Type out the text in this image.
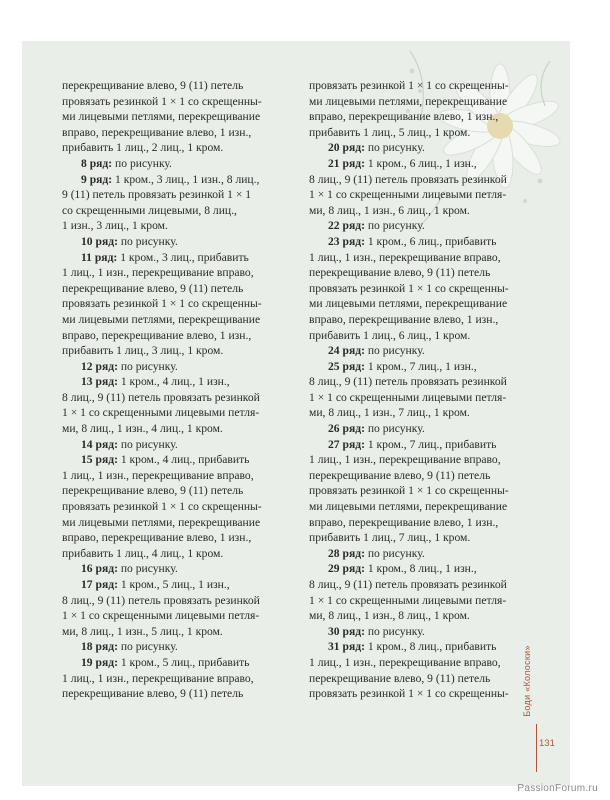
перекрещивание влево, 9 (11) петель
провязать резинкой 1 × 1 со скрещенны-
ми лицевыми петлями, перекрещивание
вправо, перекрещивание влево, 1 изн.,
прибавить 1 лиц., 2 лиц., 1 кром.
8 ряд: по рисунку.
9 ряд: 1 кром., 3 лиц., 1 изн., 8 лиц.,
9 (11) петель провязать резинкой 1 × 1
со скрещенными лицевыми, 8 лиц.,
1 изн., 3 лиц., 1 кром.
10 ряд: по рисунку.
11 ряд: 1 кром., 3 лиц., прибавить
1 лиц., 1 изн., перекрещивание вправо,
перекрещивание влево, 9 (11) петель
провязать резинкой 1 × 1 со скрещенны-
ми лицевыми петлями, перекрещивание
вправо, перекрещивание влево, 1 изн.,
прибавить 1 лиц., 3 лиц., 1 кром.
12 ряд: по рисунку.
13 ряд: 1 кром., 4 лиц., 1 изн.,
8 лиц., 9 (11) петель провязать резинкой
1 × 1 со скрещенными лицевыми петля-
ми, 8 лиц., 1 изн., 4 лиц., 1 кром.
14 ряд: по рисунку.
15 ряд: 1 кром., 4 лиц., прибавить
1 лиц., 1 изн., перекрещивание вправо,
перекрещивание влево, 9 (11) петель
провязать резинкой 1 × 1 со скрещенны-
ми лицевыми петлями, перекрещивание
вправо, перекрещивание влево, 1 изн.,
прибавить 1 лиц., 4 лиц., 1 кром.
16 ряд: по рисунку.
17 ряд: 1 кром., 5 лиц., 1 изн.,
8 лиц., 9 (11) петель провязать резинкой
1 × 1 со скрещенными лицевыми петля-
ми, 8 лиц., 1 изн., 5 лиц., 1 кром.
18 ряд: по рисунку.
19 ряд: 1 кром., 5 лиц., прибавить
1 лиц., 1 изн., перекрещивание вправо,
перекрещивание влево, 9 (11) петель
провязать резинкой 1 × 1 со скрещенны-
ми лицевыми петлями, перекрещивание
вправо, перекрещивание влево, 1 изн.,
прибавить 1 лиц., 5 лиц., 1 кром.
20 ряд: по рисунку.
21 ряд: 1 кром., 6 лиц., 1 изн.,
8 лиц., 9 (11) петель провязать резинкой
1 × 1 со скрещенными лицевыми петля-
ми, 8 лиц., 1 изн., 6 лиц., 1 кром.
22 ряд: по рисунку.
23 ряд: 1 кром., 6 лиц., прибавить
1 лиц., 1 изн., перекрещивание вправо,
перекрещивание влево, 9 (11) петель
провязать резинкой 1 × 1 со скрещенны-
ми лицевыми петлями, перекрещивание
вправо, перекрещивание влево, 1 изн.,
прибавить 1 лиц., 6 лиц., 1 кром.
24 ряд: по рисунку.
25 ряд: 1 кром., 7 лиц., 1 изн.,
8 лиц., 9 (11) петель провязать резинкой
1 × 1 со скрещенными лицевыми петля-
ми, 8 лиц., 1 изн., 7 лиц., 1 кром.
26 ряд: по рисунку.
27 ряд: 1 кром., 7 лиц., прибавить
1 лиц., 1 изн., перекрещивание вправо,
перекрещивание влево, 9 (11) петель
провязать резинкой 1 × 1 со скрещенны-
ми лицевыми петлями, перекрещивание
вправо, перекрещивание влево, 1 изн.,
прибавить 1 лиц., 7 лиц., 1 кром.
28 ряд: по рисунку.
29 ряд: 1 кром., 8 лиц., 1 изн.,
8 лиц., 9 (11) петель провязать резинкой
1 × 1 со скрещенными лицевыми петля-
ми, 8 лиц., 1 изн., 8 лиц., 1 кром.
30 ряд: по рисунку.
31 ряд: 1 кром., 8 лиц., прибавить
1 лиц., 1 изн., перекрещивание вправо,
перекрещивание влево, 9 (11) петель
провязать резинкой 1 × 1 со скрещенны-	Боди «Колоски»
131
PassionForum.ru
